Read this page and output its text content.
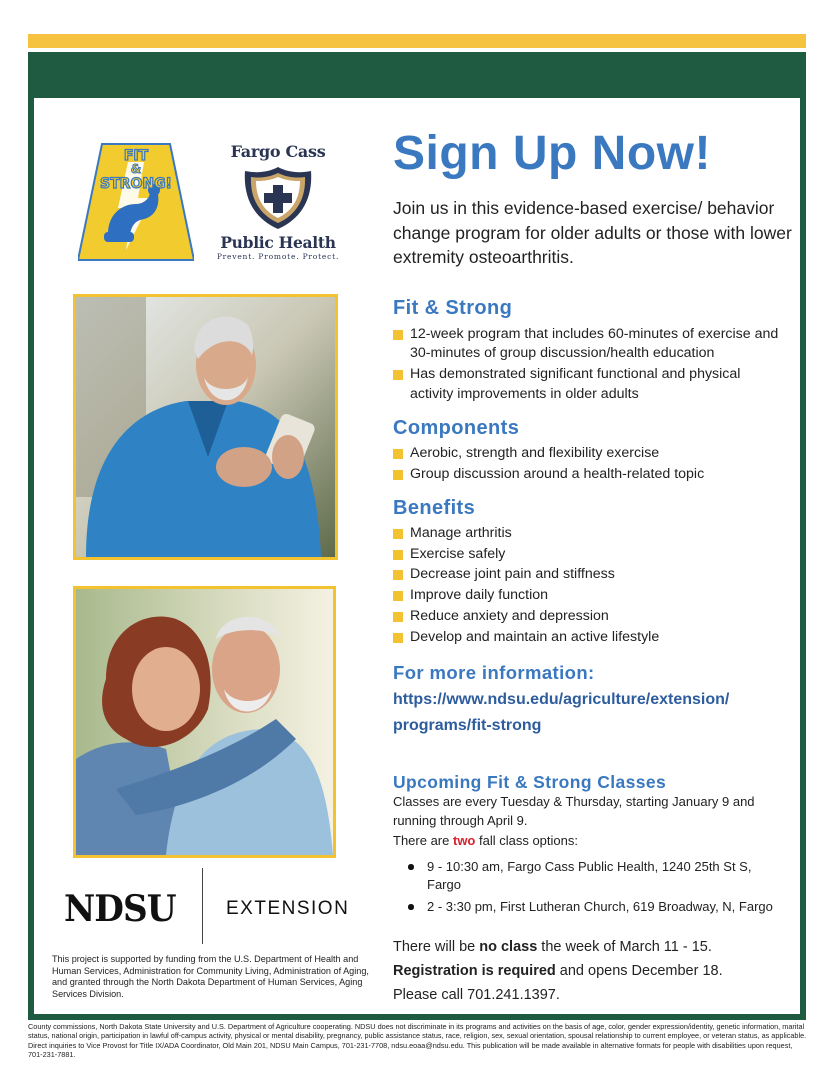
FIT
&
STRONG!
Fargo Cass
Public Health
Prevent. Promote. Protect.
NDSU	EXTENSION
This project is supported by funding from the U.S. Department of Health and Human Services, Administration for Community Living, Administration of Aging, and granted through the North Dakota Department of Human Services, Aging Services Division.
Sign Up Now!
Join us in this evidence-based exercise/ behavior change program for older adults or those with lower extremity osteoarthritis.
Fit & Strong
12-week program that includes 60-minutes of exercise and 30-minutes of group discussion/health education
Has demonstrated significant functional and physical activity improvements in older adults
Components
Aerobic, strength and flexibility exercise
Group discussion around a health-related topic
Benefits
Manage arthritis
Exercise safely
Decrease joint pain and stiffness
Improve daily function
Reduce anxiety and depression
Develop and maintain an active lifestyle
For more information:
https://www.ndsu.edu/agriculture/extension/
programs/fit-strong
Upcoming Fit & Strong Classes
Classes are every Tuesday & Thursday, starting January 9 and running through April 9.
There are two fall class options:
9 - 10:30 am, Fargo Cass Public Health, 1240 25th St S, Fargo
2 - 3:30 pm, First Lutheran Church, 619 Broadway, N, Fargo
There will be no class the week of March 11 - 15.
Registration is required and opens December 18.
Please call 701.241.1397.
County commissions, North Dakota State University and U.S. Department of Agriculture cooperating. NDSU does not discriminate in its programs and activities on the basis of age, color, gender expression/identity, genetic information, marital status, national origin, participation in lawful off-campus activity, physical or mental disability, pregnancy, public assistance status, race, religion, sex, sexual orientation, spousal relationship to current employee, or veteran status, as applicable. Direct inquiries to Vice Provost for Title IX/ADA Coordinator, Old Main 201, NDSU Main Campus, 701-231-7708, ndsu.eoaa@ndsu.edu. This publication will be made available in alternative formats for people with disabilities upon request, 701-231-7881.
